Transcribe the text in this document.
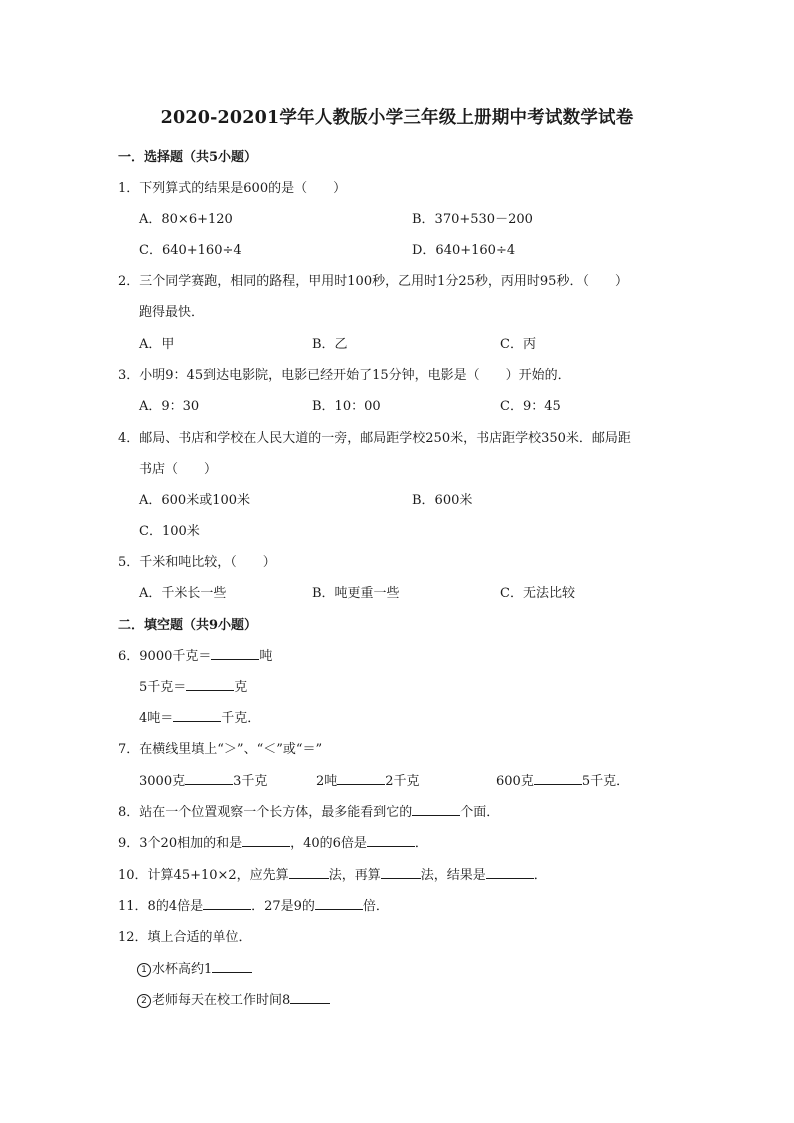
2020-20201学年人教版小学三年级上册期中考试数学试卷
一．选择题（共5小题）
1．下列算式的结果是600的是（　　）
A．80×6+120	B．370+530－200
C．640+160÷4	D．640+160÷4
2．三个同学赛跑，相同的路程，甲用时100秒，乙用时1分25秒，丙用时95秒．（　　）
跑得最快．
A．甲	B．乙	C．丙
3．小明9：45到达电影院，电影已经开始了15分钟，电影是（　　）开始的．
A．9：30	B．10：00	C．9：45
4．邮局、书店和学校在人民大道的一旁，邮局距学校250米，书店距学校350米．邮局距
书店（　　）
A．600米或100米	B．600米
C．100米
5．千米和吨比较，（　　）
A．千米长一些	B．吨更重一些	C．无法比较
二．填空题（共9小题）
6．9000千克＝	吨
5千克＝	克
4吨＝	千克．
7．在横线里填上“＞”、“＜”或“＝”
3000克	3千克	2吨	2千克	600克	5千克．
8．站在一个位置观察一个长方体，最多能看到它的	个面．
9．3个20相加的和是	，40的6倍是	．
10．计算45+10×2，应先算	法，再算	法，结果是	．
11．8的4倍是	．27是9的	倍．
12．填上合适的单位．
1 水杯高约1
2 老师每天在校工作时间8
